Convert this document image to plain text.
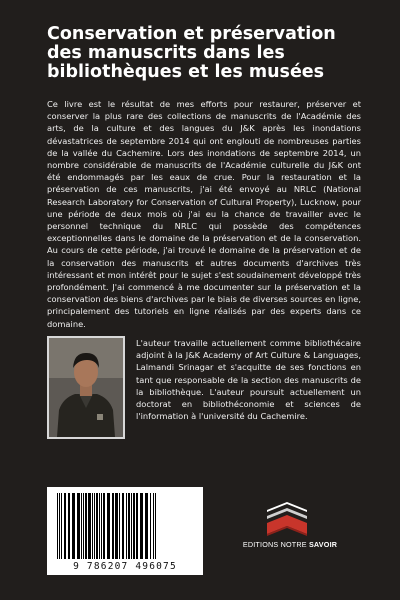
Conservation et préservation des manuscrits dans les bibliothèques et les musées

Ce livre est le résultat de mes efforts pour restaurer, préserver et conserver la plus rare des collections de manuscrits de l'Académie des arts, de la culture et des langues du J&K après les inondations dévastatrices de septembre 2014 qui ont englouti de nombreuses parties de la vallée du Cachemire. Lors des inondations de septembre 2014, un nombre considérable de manuscrits de l'Académie culturelle du J&K ont été endommagés par les eaux de crue. Pour la restauration et la préservation de ces manuscrits, j'ai été envoyé au NRLC (National Research Laboratory for Conservation of Cultural Property), Lucknow, pour une période de deux mois où j'ai eu la chance de travailler avec le personnel technique du NRLC qui possède des compétences exceptionnelles dans le domaine de la préservation et de la conservation. Au cours de cette période, j'ai trouvé le domaine de la préservation et de la conservation des manuscrits et autres documents d'archives très intéressant et mon intérêt pour le sujet s'est soudainement développé très profondément. J'ai commencé à me documenter sur la préservation et la conservation des biens d'archives par le biais de diverses sources en ligne, principalement des tutoriels en ligne réalisés par des experts dans ce domaine.

L'auteur travaille actuellement comme bibliothécaire adjoint à la J&K Academy of Art Culture & Languages, Lalmandi Srinagar et s'acquitte de ses fonctions en tant que responsable de la section des manuscrits de la bibliothèque. L'auteur poursuit actuellement un doctorat en bibliothéconomie et sciences de l'information à l'université du Cachemire.

9 786207 496075
EDITIONS NOTRE SAVOIR
